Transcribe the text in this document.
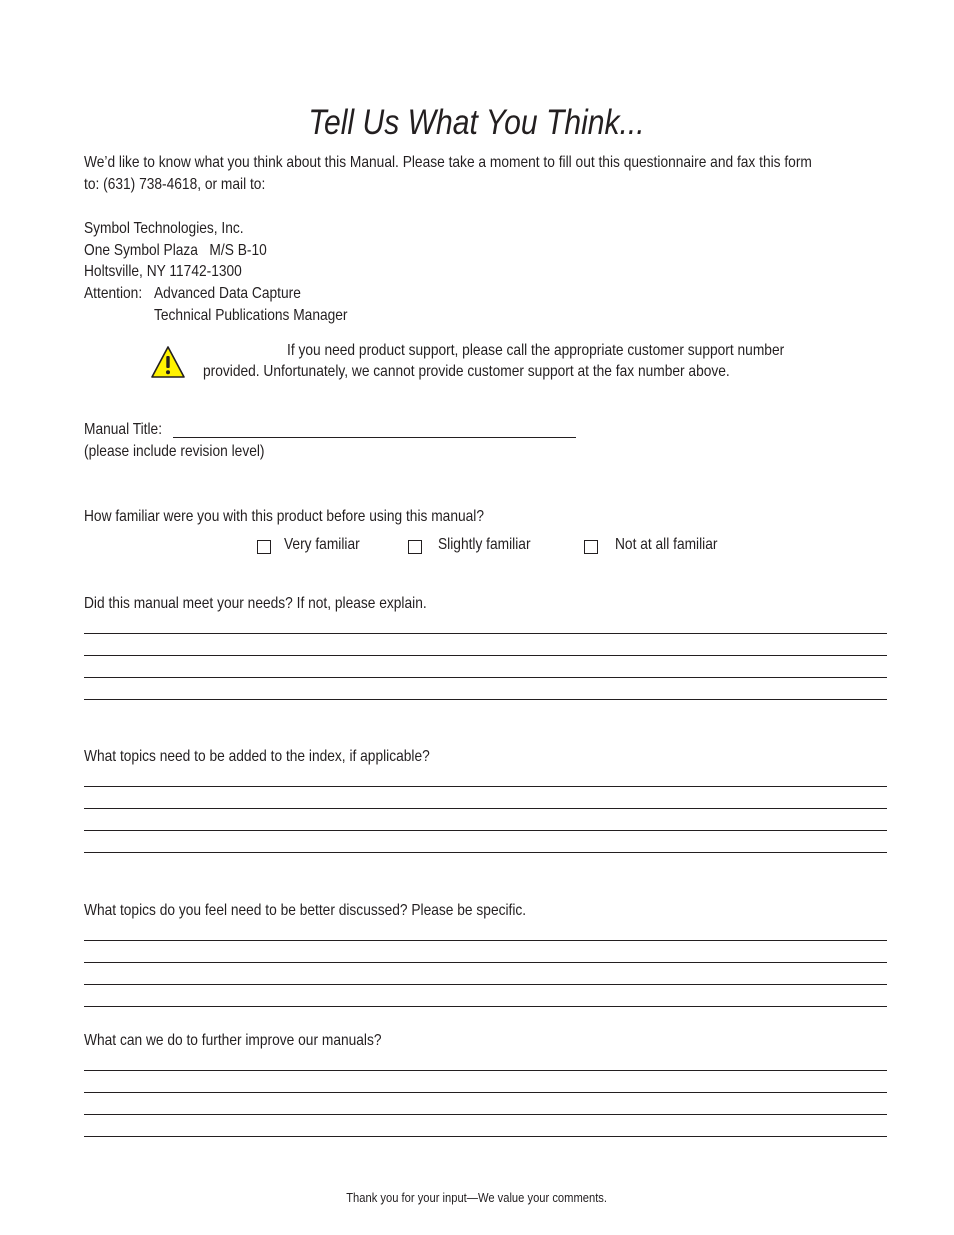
Tell Us What You Think...
We’d like to know what you think about this Manual. Please take a moment to fill out this questionnaire and fax this form
to: (631) 738-4618, or mail to:
Symbol Technologies, Inc.
One Symbol Plaza   M/S B-10
Holtsville, NY 11742-1300
Attention: Advanced Data Capture
Technical Publications Manager
If you need product support, please call the appropriate customer support number
provided. Unfortunately, we cannot provide customer support at the fax number above.
Manual Title:
(please include revision level)
How familiar were you with this product before using this manual?
Very familiar	Slightly familiar	Not at all familiar
Did this manual meet your needs? If not, please explain.
What topics need to be added to the index, if applicable?
What topics do you feel need to be better discussed? Please be specific.
What can we do to further improve our manuals?
Thank you for your input—We value your comments.
